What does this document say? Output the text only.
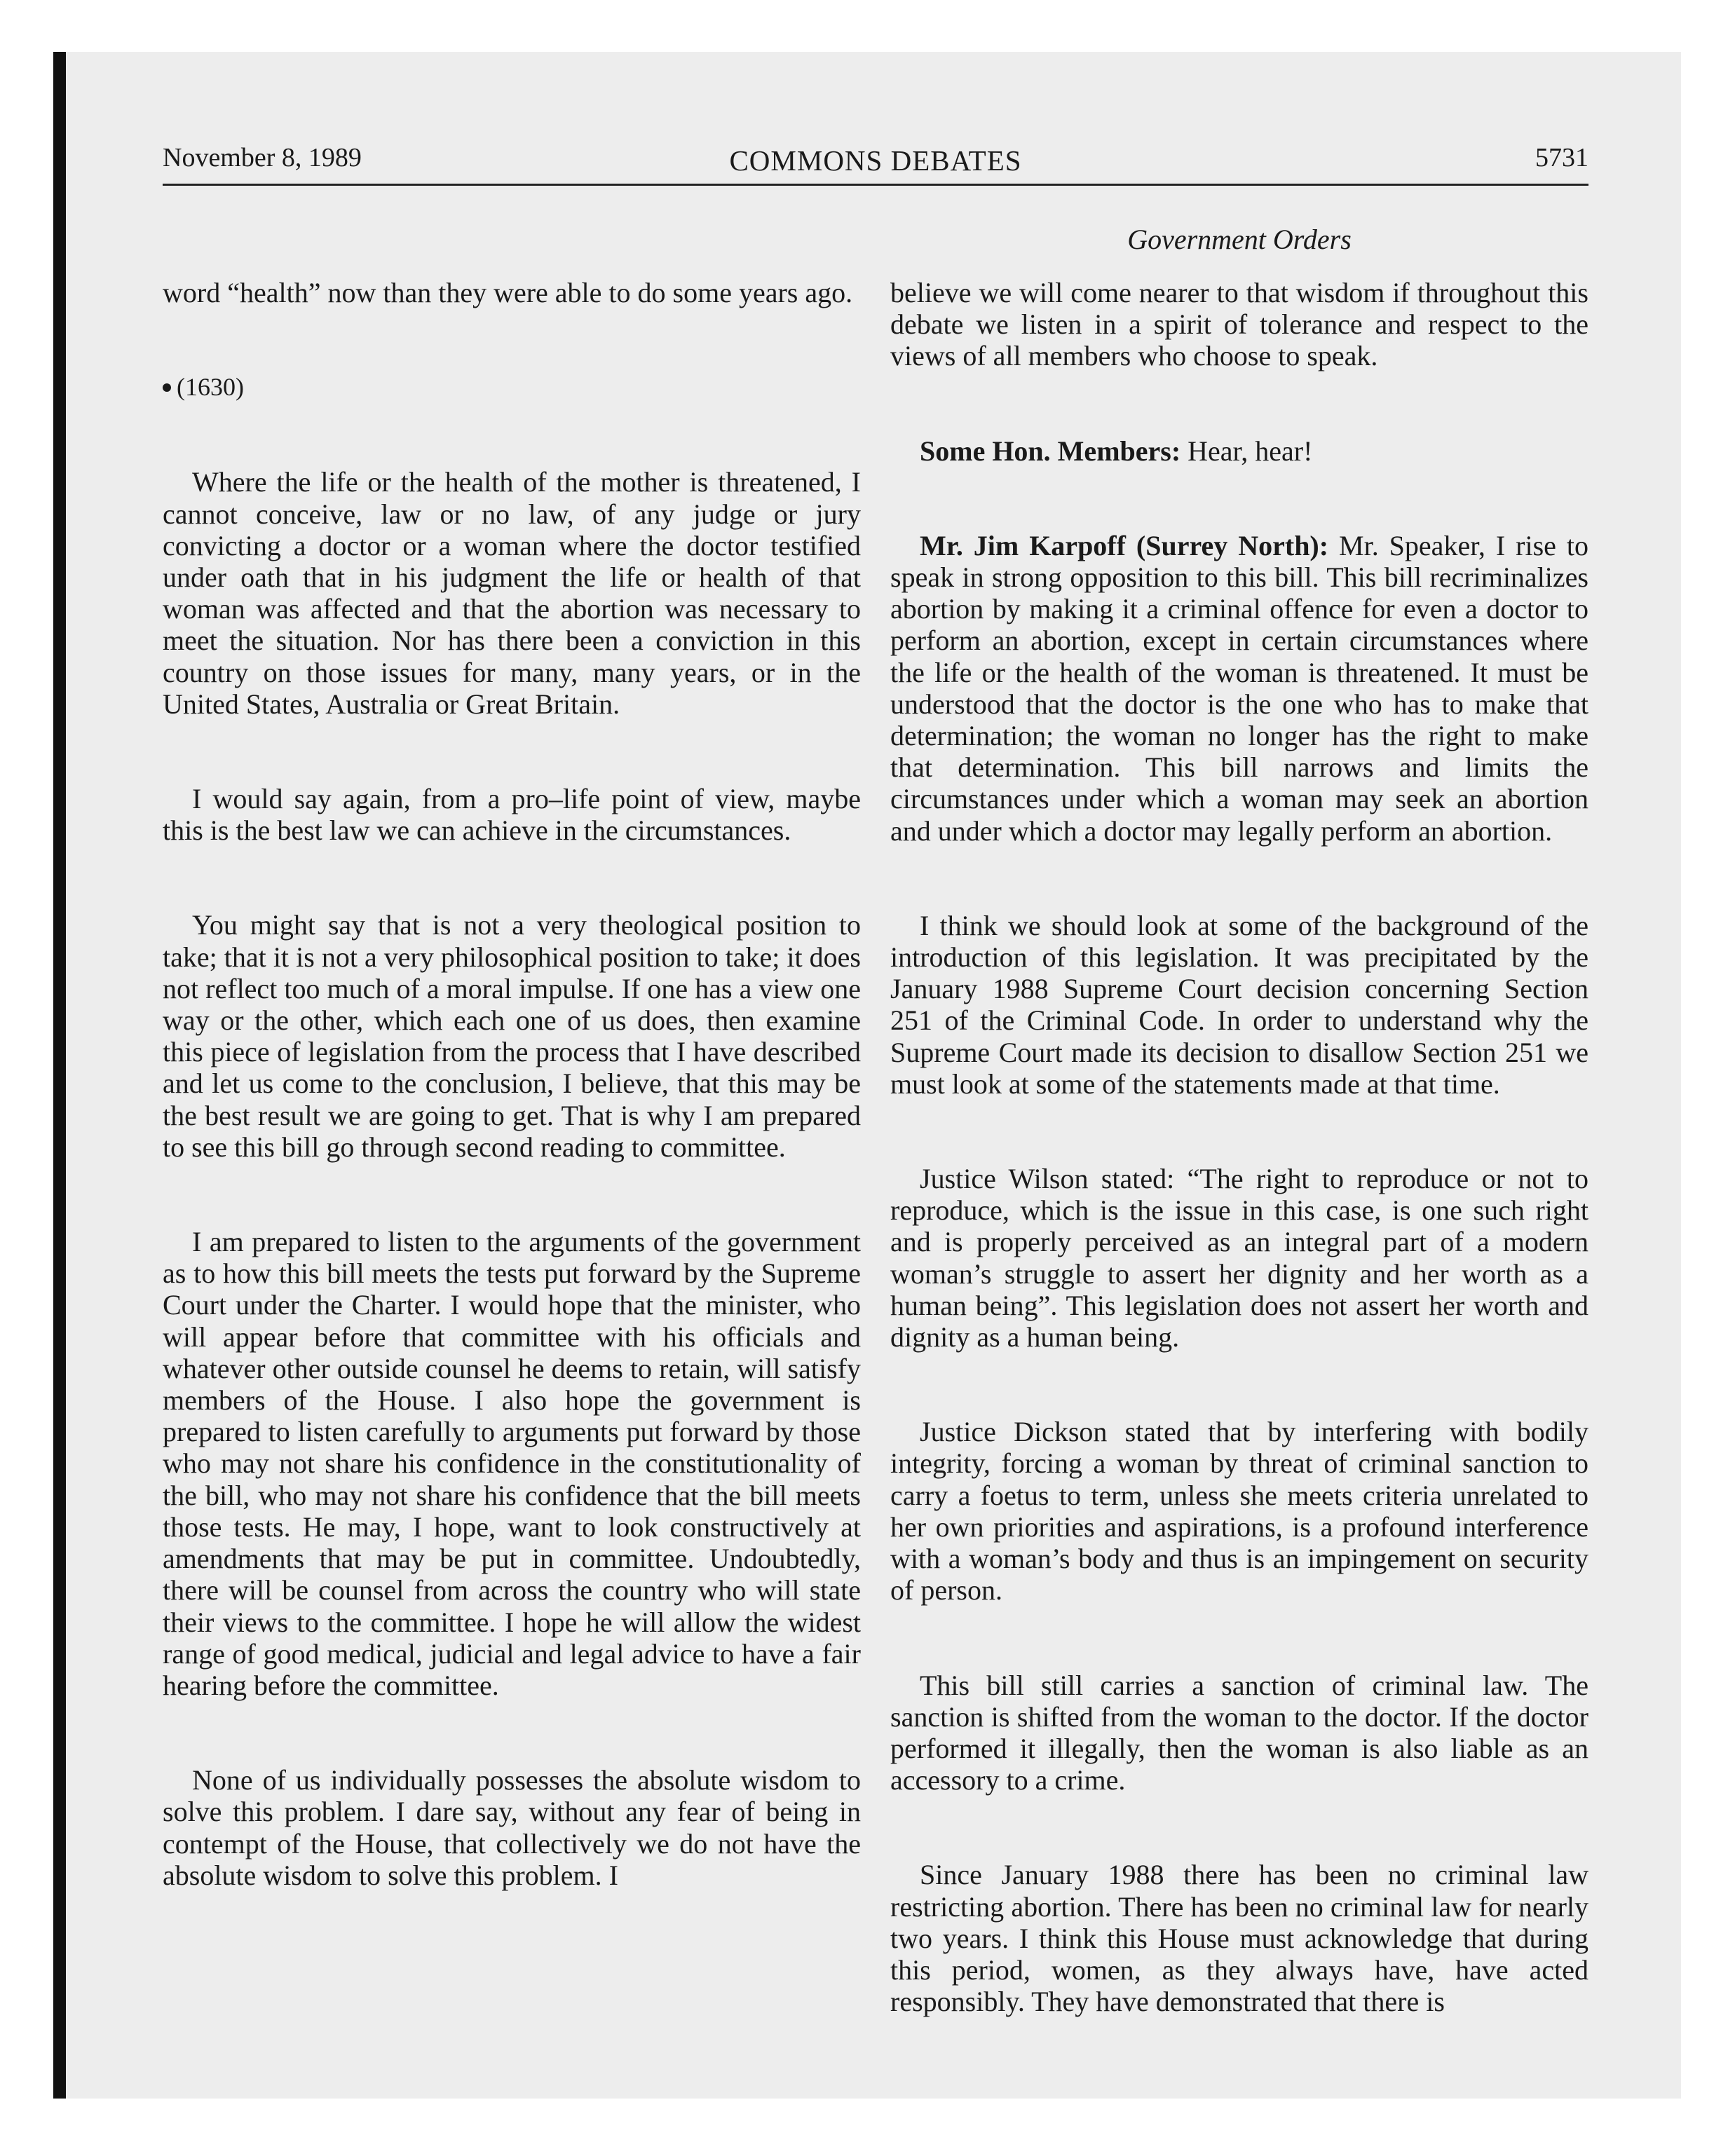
November 8, 1989	COMMONS DEBATES	5731
Government Orders

word “health” now than they were able to do some years ago.

(1630)

Where the life or the health of the mother is threatened, I cannot conceive, law or no law, of any judge or jury convicting a doctor or a woman where the doctor testified under oath that in his judgment the life or health of that woman was affected and that the abortion was necessary to meet the situation. Nor has there been a conviction in this country on those issues for many, many years, or in the United States, Australia or Great Britain.

I would say again, from a pro–life point of view, maybe this is the best law we can achieve in the circumstances.

You might say that is not a very theological position to take; that it is not a very philosophical position to take; it does not reflect too much of a moral impulse. If one has a view one way or the other, which each one of us does, then examine this piece of legislation from the process that I have described and let us come to the conclusion, I believe, that this may be the best result we are going to get. That is why I am prepared to see this bill go through second reading to committee.

I am prepared to listen to the arguments of the government as to how this bill meets the tests put forward by the Supreme Court under the Charter. I would hope that the minister, who will appear before that committee with his officials and whatever other outside counsel he deems to retain, will satisfy members of the House. I also hope the government is prepared to listen carefully to arguments put forward by those who may not share his confidence in the constitutionality of the bill, who may not share his confidence that the bill meets those tests. He may, I hope, want to look constructively at amendments that may be put in committee. Undoubtedly, there will be counsel from across the country who will state their views to the committee. I hope he will allow the widest range of good medical, judicial and legal advice to have a fair hearing before the committee.

None of us individually possesses the absolute wisdom to solve this problem. I dare say, without any fear of being in contempt of the House, that collectively we do not have the absolute wisdom to solve this problem. I

believe we will come nearer to that wisdom if throughout this debate we listen in a spirit of tolerance and respect to the views of all members who choose to speak.

Some Hon. Members: Hear, hear!

Mr. Jim Karpoff (Surrey North): Mr. Speaker, I rise to speak in strong opposition to this bill. This bill recriminalizes abortion by making it a criminal offence for even a doctor to perform an abortion, except in certain circumstances where the life or the health of the woman is threatened. It must be understood that the doctor is the one who has to make that determination; the woman no longer has the right to make that determination. This bill narrows and limits the circumstances under which a woman may seek an abortion and under which a doctor may legally perform an abortion.

I think we should look at some of the background of the introduction of this legislation. It was precipitated by the January 1988 Supreme Court decision concerning Section 251 of the Criminal Code. In order to understand why the Supreme Court made its decision to disallow Section 251 we must look at some of the statements made at that time.

Justice Wilson stated: “The right to reproduce or not to reproduce, which is the issue in this case, is one such right and is properly perceived as an integral part of a modern woman’s struggle to assert her dignity and her worth as a human being”. This legislation does not assert her worth and dignity as a human being.

Justice Dickson stated that by interfering with bodily integrity, forcing a woman by threat of criminal sanction to carry a foetus to term, unless she meets criteria unrelated to her own priorities and aspirations, is a profound interference with a woman’s body and thus is an impingement on security of person.

This bill still carries a sanction of criminal law. The sanction is shifted from the woman to the doctor. If the doctor performed it illegally, then the woman is also liable as an accessory to a crime.

Since January 1988 there has been no criminal law restricting abortion. There has been no criminal law for nearly two years. I think this House must acknowledge that during this period, women, as they always have, have acted responsibly. They have demonstrated that there is
